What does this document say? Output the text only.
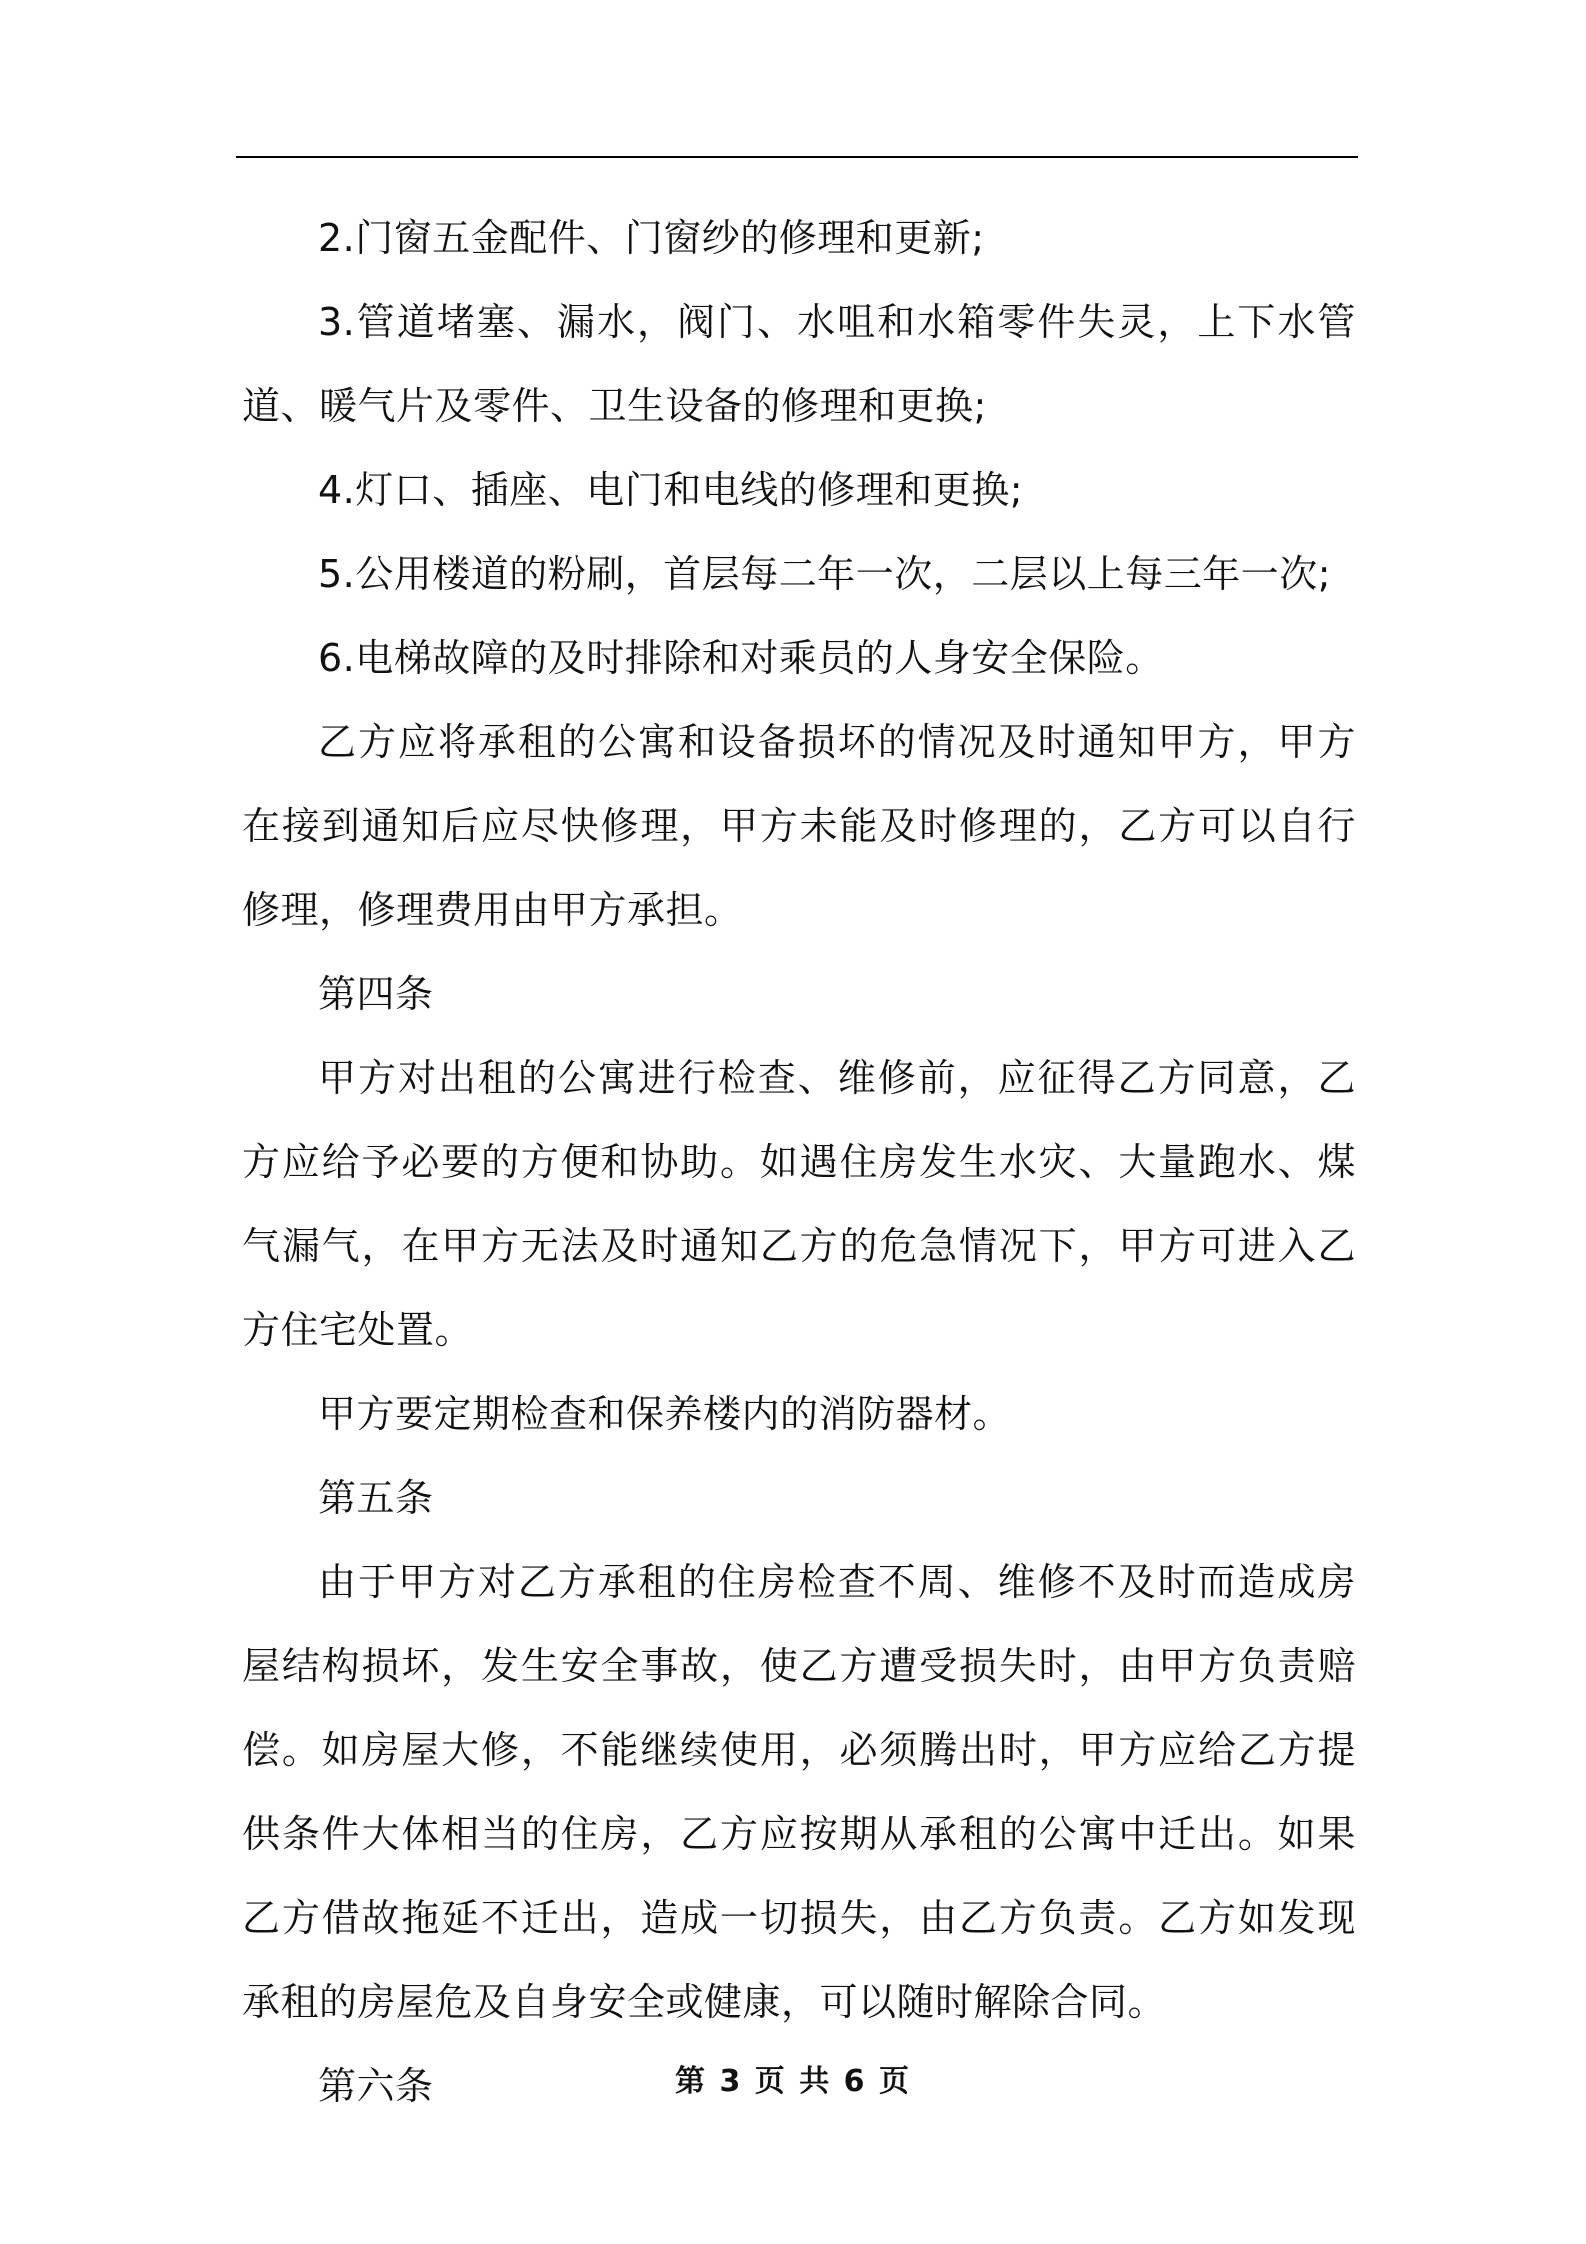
2.门窗五金配件、门窗纱的修理和更新;

3.管道堵塞、漏水，阀门、水咀和水箱零件失灵，上下水管道、暖气片及零件、卫生设备的修理和更换;

4.灯口、插座、电门和电线的修理和更换;

5.公用楼道的粉刷，首层每二年一次，二层以上每三年一次;

6.电梯故障的及时排除和对乘员的人身安全保险。

乙方应将承租的公寓和设备损坏的情况及时通知甲方，甲方在接到通知后应尽快修理，甲方未能及时修理的，乙方可以自行修理，修理费用由甲方承担。

第四条

甲方对出租的公寓进行检查、维修前，应征得乙方同意，乙方应给予必要的方便和协助。如遇住房发生水灾、大量跑水、煤气漏气，在甲方无法及时通知乙方的危急情况下，甲方可进入乙方住宅处置。

甲方要定期检查和保养楼内的消防器材。

第五条

由于甲方对乙方承租的住房检查不周、维修不及时而造成房屋结构损坏，发生安全事故，使乙方遭受损失时，由甲方负责赔偿。如房屋大修，不能继续使用，必须腾出时，甲方应给乙方提供条件大体相当的住房，乙方应按期从承租的公寓中迁出。如果乙方借故拖延不迁出，造成一切损失，由乙方负责。乙方如发现承租的房屋危及自身安全或健康，可以随时解除合同。

第六条	第 3 页 共 6 页
